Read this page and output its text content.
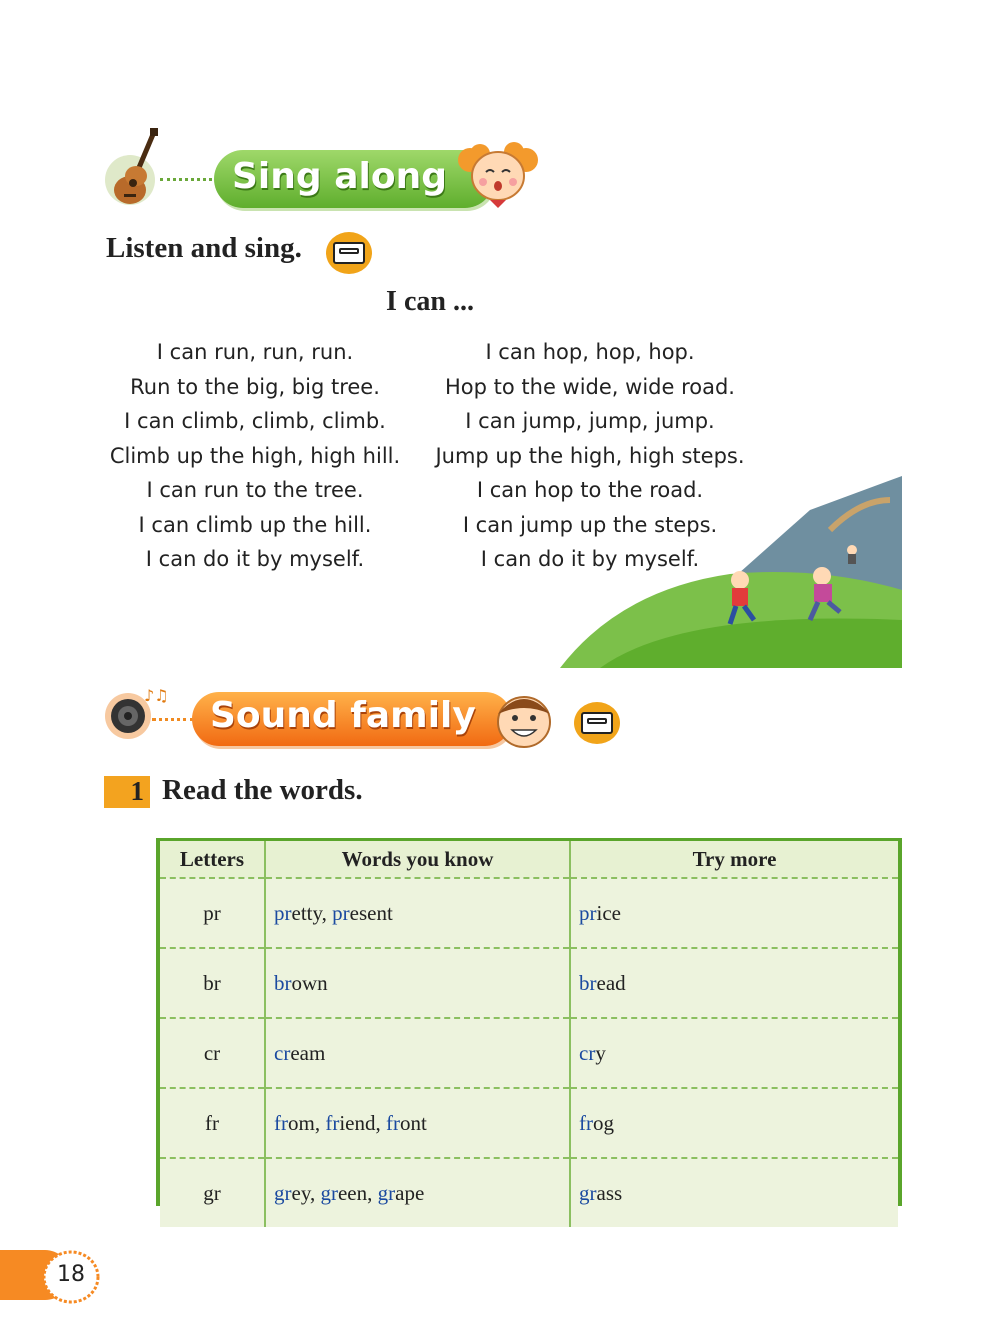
Sing along
Listen and sing.
I can ...
I can run, run, run.
Run to the big, big tree.
I can climb, climb, climb.
Climb up the high, high hill.
I can run to the tree.
I can climb up the hill.
I can do it by myself.
I can hop, hop, hop.
Hop to the wide, wide road.
I can jump, jump, jump.
Jump up the high, high steps.
I can hop to the road.
I can jump up the steps.
I can do it by myself.
♪♫ Sound family
1 Read the words.
Letters	Words you know	Try more
pr	pretty, present	price
br	brown	bread
cr	cream	cry
fr	from, friend, front	frog
gr	grey, green, grape	grass
18
